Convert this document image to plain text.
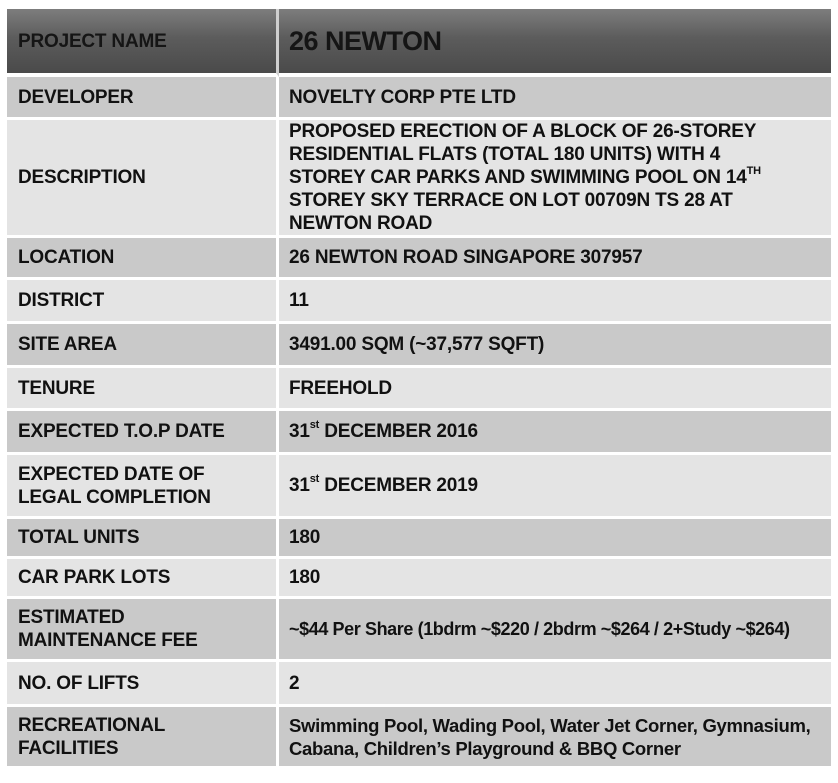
PROJECT NAME	26 NEWTON
DEVELOPER	NOVELTY CORP PTE LTD
DESCRIPTION	PROPOSED ERECTION OF A BLOCK OF 26-STOREY RESIDENTIAL FLATS (TOTAL 180 UNITS) WITH 4 STOREY CAR PARKS AND SWIMMING POOL ON 14TH STOREY SKY TERRACE ON LOT 00709N TS 28 AT NEWTON ROAD
LOCATION	26 NEWTON ROAD SINGAPORE 307957
DISTRICT	11
SITE AREA	3491.00 SQM (~37,577 SQFT)
TENURE	FREEHOLD
EXPECTED T.O.P DATE	31st DECEMBER 2016
EXPECTED DATE OF LEGAL COMPLETION	31st DECEMBER 2019
TOTAL UNITS	180
CAR PARK LOTS	180
ESTIMATED MAINTENANCE FEE	~$44 Per Share (1bdrm ~$220 / 2bdrm ~$264 / 2+Study ~$264)
NO. OF LIFTS	2
RECREATIONAL FACILITIES	Swimming Pool, Wading Pool, Water Jet Corner, Gymnasium, Cabana, Children’s Playground & BBQ Corner
